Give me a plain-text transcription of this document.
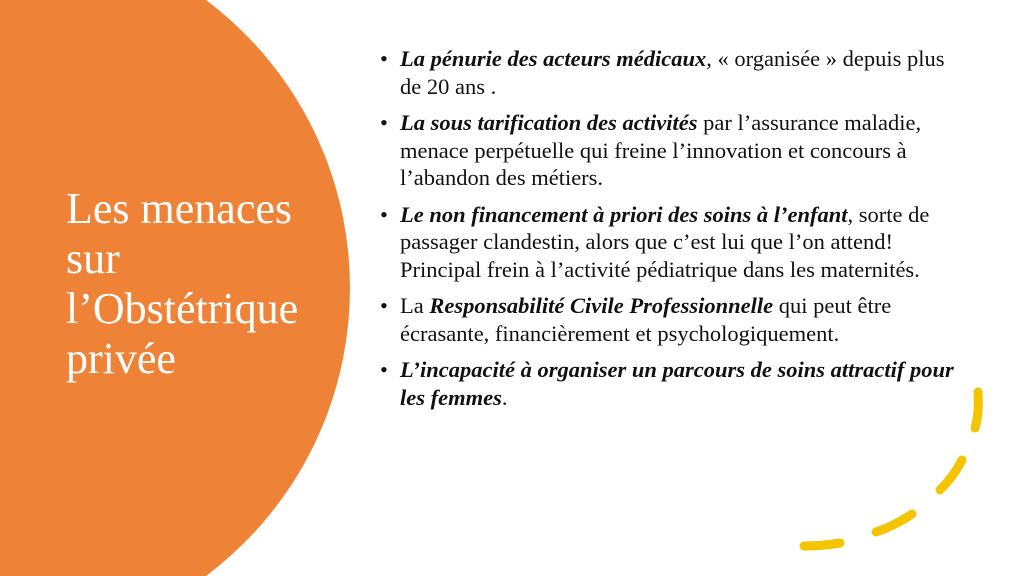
Les menaces
sur
l’Obstétrique
privée
• La pénurie des acteurs médicaux, « organisée » depuis plus de 20 ans .
• La sous tarification des activités par l’assurance maladie, menace perpétuelle qui freine l’innovation et concours à l’abandon des métiers.
• Le non financement à priori des soins à l’enfant, sorte de passager clandestin, alors que c’est lui que l’on attend! Principal frein à l’activité pédiatrique dans les maternités.
• La Responsabilité Civile Professionnelle qui peut être écrasante, financièrement et psychologiquement.
• L’incapacité à organiser un parcours de soins attractif pour les femmes.
